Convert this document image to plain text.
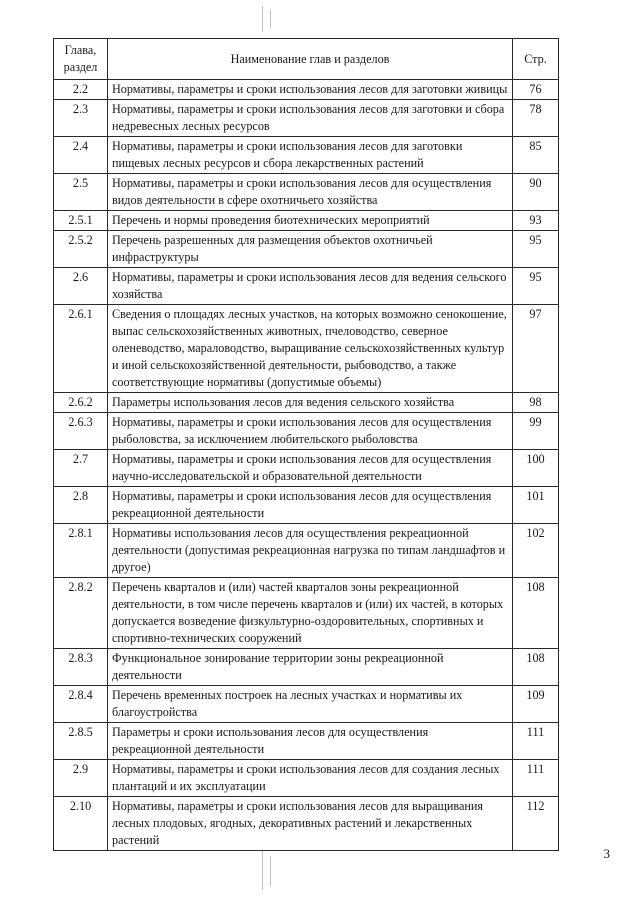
Глава, раздел	Наименование глав и разделов	Стр.
2.2	Нормативы, параметры и сроки использования лесов для заготовки живицы	76
2.3	Нормативы, параметры и сроки использования лесов для заготовки и сбора недревесных лесных ресурсов	78
2.4	Нормативы, параметры и сроки использования лесов для заготовки пищевых лесных ресурсов и сбора лекарственных растений	85
2.5	Нормативы, параметры и сроки использования лесов для осуществления видов деятельности в сфере охотничьего хозяйства	90
2.5.1	Перечень и нормы проведения биотехнических мероприятий	93
2.5.2	Перечень разрешенных для размещения объектов охотничьей инфраструктуры	95
2.6	Нормативы, параметры и сроки использования лесов для ведения сельского хозяйства	95
2.6.1	Сведения о площадях лесных участков, на которых возможно сенокошение, выпас сельскохозяйственных животных, пчеловодство, северное оленеводство, мараловодство, выращивание сельскохозяйственных культур и иной сельскохозяйственной деятельности, рыбоводство, а также соответствующие нормативы (допустимые объемы)	97
2.6.2	Параметры использования лесов для ведения сельского хозяйства	98
2.6.3	Нормативы, параметры и сроки использования лесов для осуществления рыболовства, за исключением любительского рыболовства	99
2.7	Нормативы, параметры и сроки использования лесов для осуществления научно-исследовательской и образовательной деятельности	100
2.8	Нормативы, параметры и сроки использования лесов для осуществления рекреационной деятельности	101
2.8.1	Нормативы использования лесов для осуществления рекреационной деятельности (допустимая рекреационная нагрузка по типам ландшафтов и другое)	102
2.8.2	Перечень кварталов и (или) частей кварталов зоны рекреационной деятельности, в том числе перечень кварталов и (или) их частей, в которых допускается возведение физкультурно-оздоровительных, спортивных и спортивно-технических сооружений	108
2.8.3	Функциональное зонирование территории зоны рекреационной деятельности	108
2.8.4	Перечень временных построек на лесных участках и нормативы их благоустройства	109
2.8.5	Параметры и сроки использования лесов для осуществления рекреационной деятельности	111
2.9	Нормативы, параметры и сроки использования лесов для создания лесных плантаций и их эксплуатации	111
2.10	Нормативы, параметры и сроки использования лесов для выращивания лесных плодовых, ягодных, декоративных растений и лекарственных растений	112
3
